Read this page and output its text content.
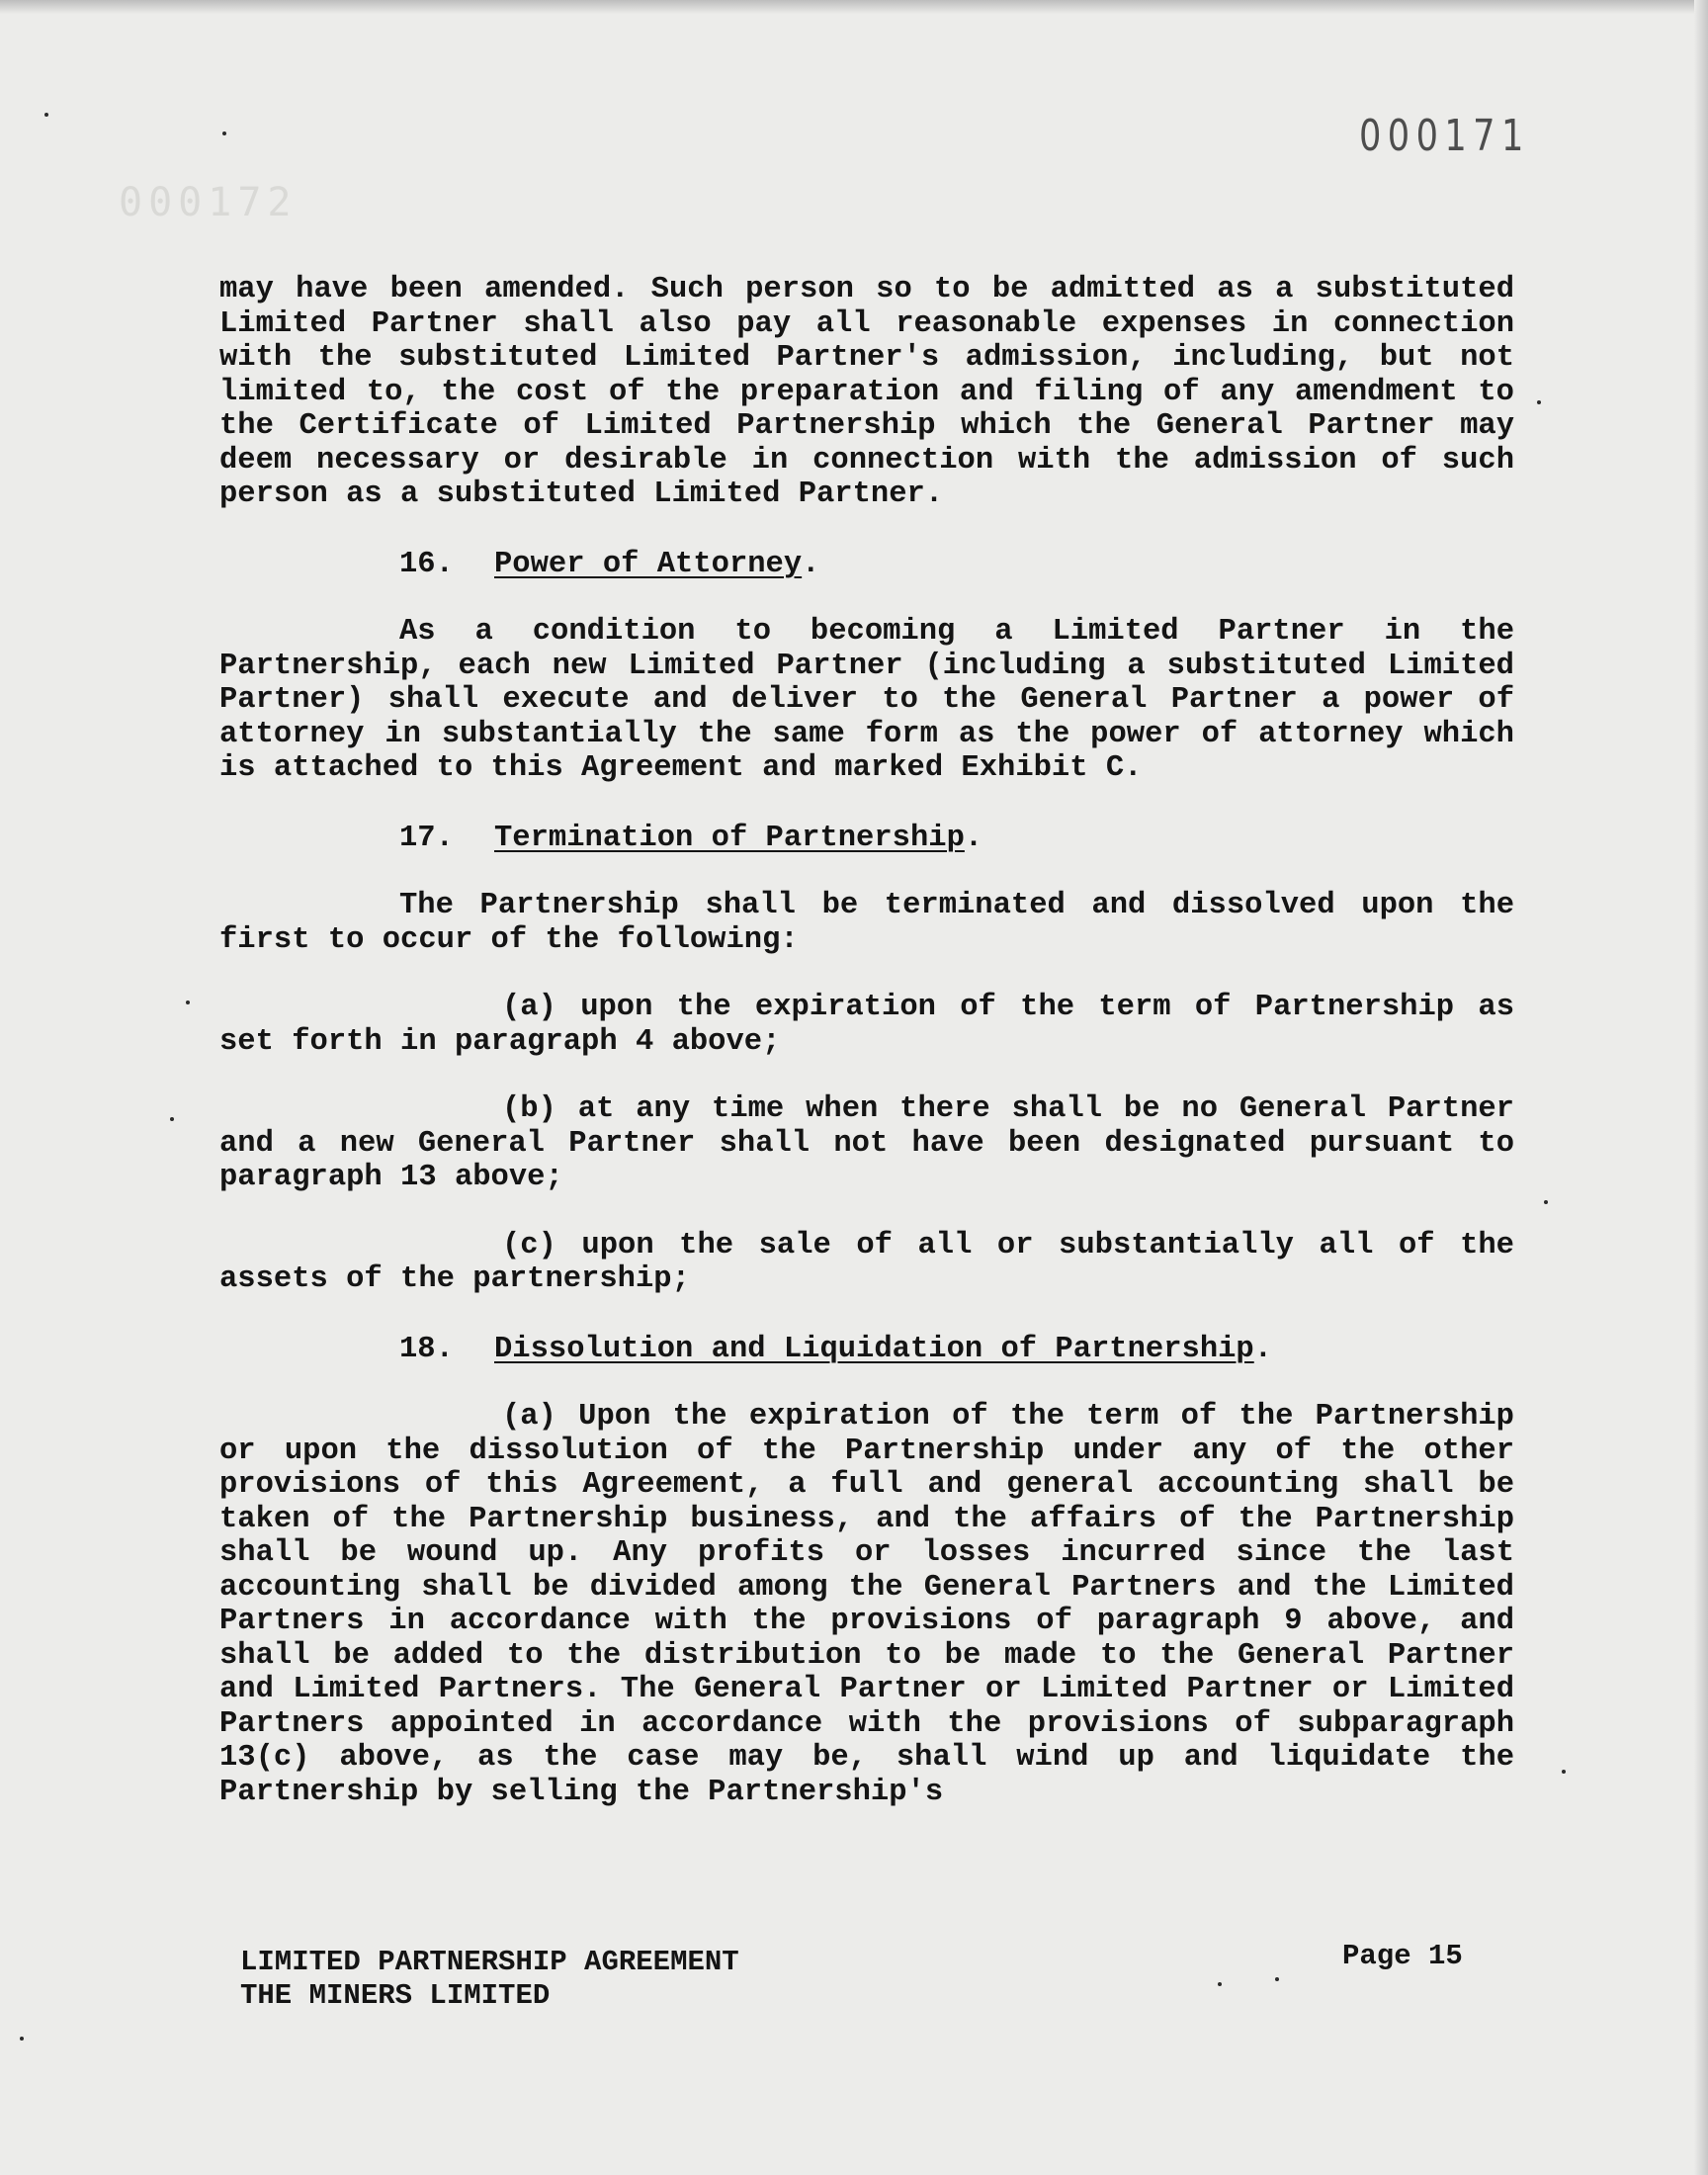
000172
000171

may have been amended. Such person so to be admitted as a substituted Limited Partner shall also pay all reasonable expenses in connection with the substituted Limited Partner's admission, including, but not limited to, the cost of the preparation and filing of any amendment to the Certificate of Limited Partnership which the General Partner may deem necessary or desirable in connection with the admission of such person as a substituted Limited Partner.

16. Power of Attorney.

As a condition to becoming a Limited Partner in the Partnership, each new Limited Partner (including a substituted Limited Partner) shall execute and deliver to the General Partner a power of attorney in substantially the same form as the power of attorney which is attached to this Agreement and marked Exhibit C.

17. Termination of Partnership.

The Partnership shall be terminated and dissolved upon the first to occur of the following:

(a) upon the expiration of the term of Partnership as set forth in paragraph 4 above;

(b) at any time when there shall be no General Partner and a new General Partner shall not have been designated pursuant to paragraph 13 above;

(c) upon the sale of all or substantially all of the assets of the partnership;

18. Dissolution and Liquidation of Partnership.

(a) Upon the expiration of the term of the Partnership or upon the dissolution of the Partnership under any of the other provisions of this Agreement, a full and general accounting shall be taken of the Partnership business, and the affairs of the Partnership shall be wound up. Any profits or losses incurred since the last accounting shall be divided among the General Partners and the Limited Partners in accordance with the provisions of paragraph 9 above, and shall be added to the distribution to be made to the General Partner and Limited Partners. The General Partner or Limited Partner or Limited Partners appointed in accordance with the provisions of subparagraph 13(c) above, as the case may be, shall wind up and liquidate the Partnership by selling the Partnership's

LIMITED PARTNERSHIP AGREEMENT
THE MINERS LIMITED
Page 15
